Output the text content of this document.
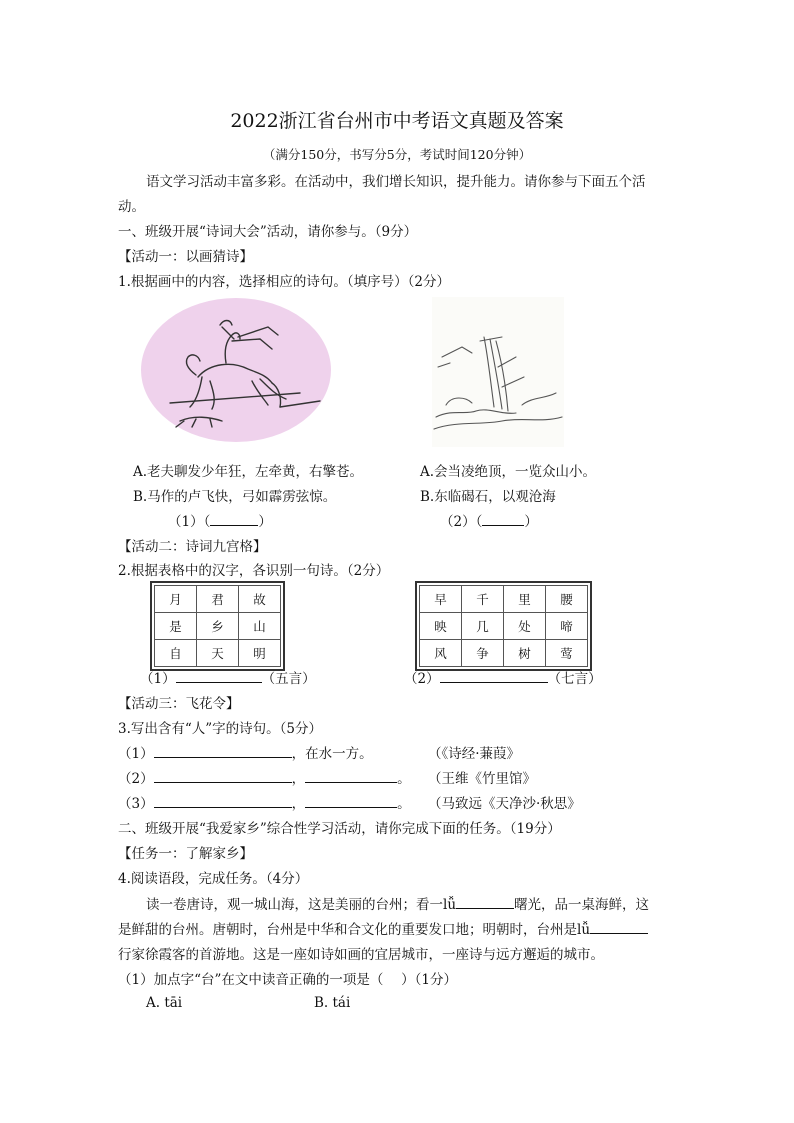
2022浙江省台州市中考语文真题及答案
（满分150分，书写分5分，考试时间120分钟）
语文学习活动丰富多彩。在活动中，我们增长知识，提升能力。请你参与下面五个活
动。
一、班级开展“诗词大会”活动，请你参与。（9分）
【活动一：以画猜诗】
1.根据画中的内容，选择相应的诗句。（填序号）（2分）
A.老夫聊发少年狂，左牵黄，右擎苍。
B.马作的卢飞快，弓如霹雳弦惊。
（1）（	）
A.会当凌绝顶，一览众山小。
B.东临碣石，以观沧海
（2）（	）
【活动二：诗词九宫格】
2.根据表格中的汉字，各识别一句诗。（2分）
月	君	故
是	乡	山
自	天	明
早	千	里	腰
映	几	处	啼
风	争	树	莺
（1）	（五言）	（2）	（七言）
【活动三：飞花令】
3.写出含有“人”字的诗句。（5分）
（1）	，在水一方。	（《诗经·蒹葭》
（2）	，	。 （王维《竹里馆》
（3）	，	。 （马致远《天净沙·秋思》
二、班级开展“我爱家乡”综合性学习活动，请你完成下面的任务。（19分）
【任务一：了解家乡】
4.阅读语段，完成任务。（4分）
读一卷唐诗，观一城山海，这是美丽的台州；看一lǚ	曙光，品一桌海鲜，这
是鲜甜的台州。唐朝时，台州是中华和合文化的重要发口地；明朝时，台州是lǚ
行家徐霞客的首游地。这是一座如诗如画的宜居城市，一座诗与远方邂逅的城市。
（1）加点字“台”在文中读音正确的一项是（　 ）（1分）
A. tāi	B. tái
